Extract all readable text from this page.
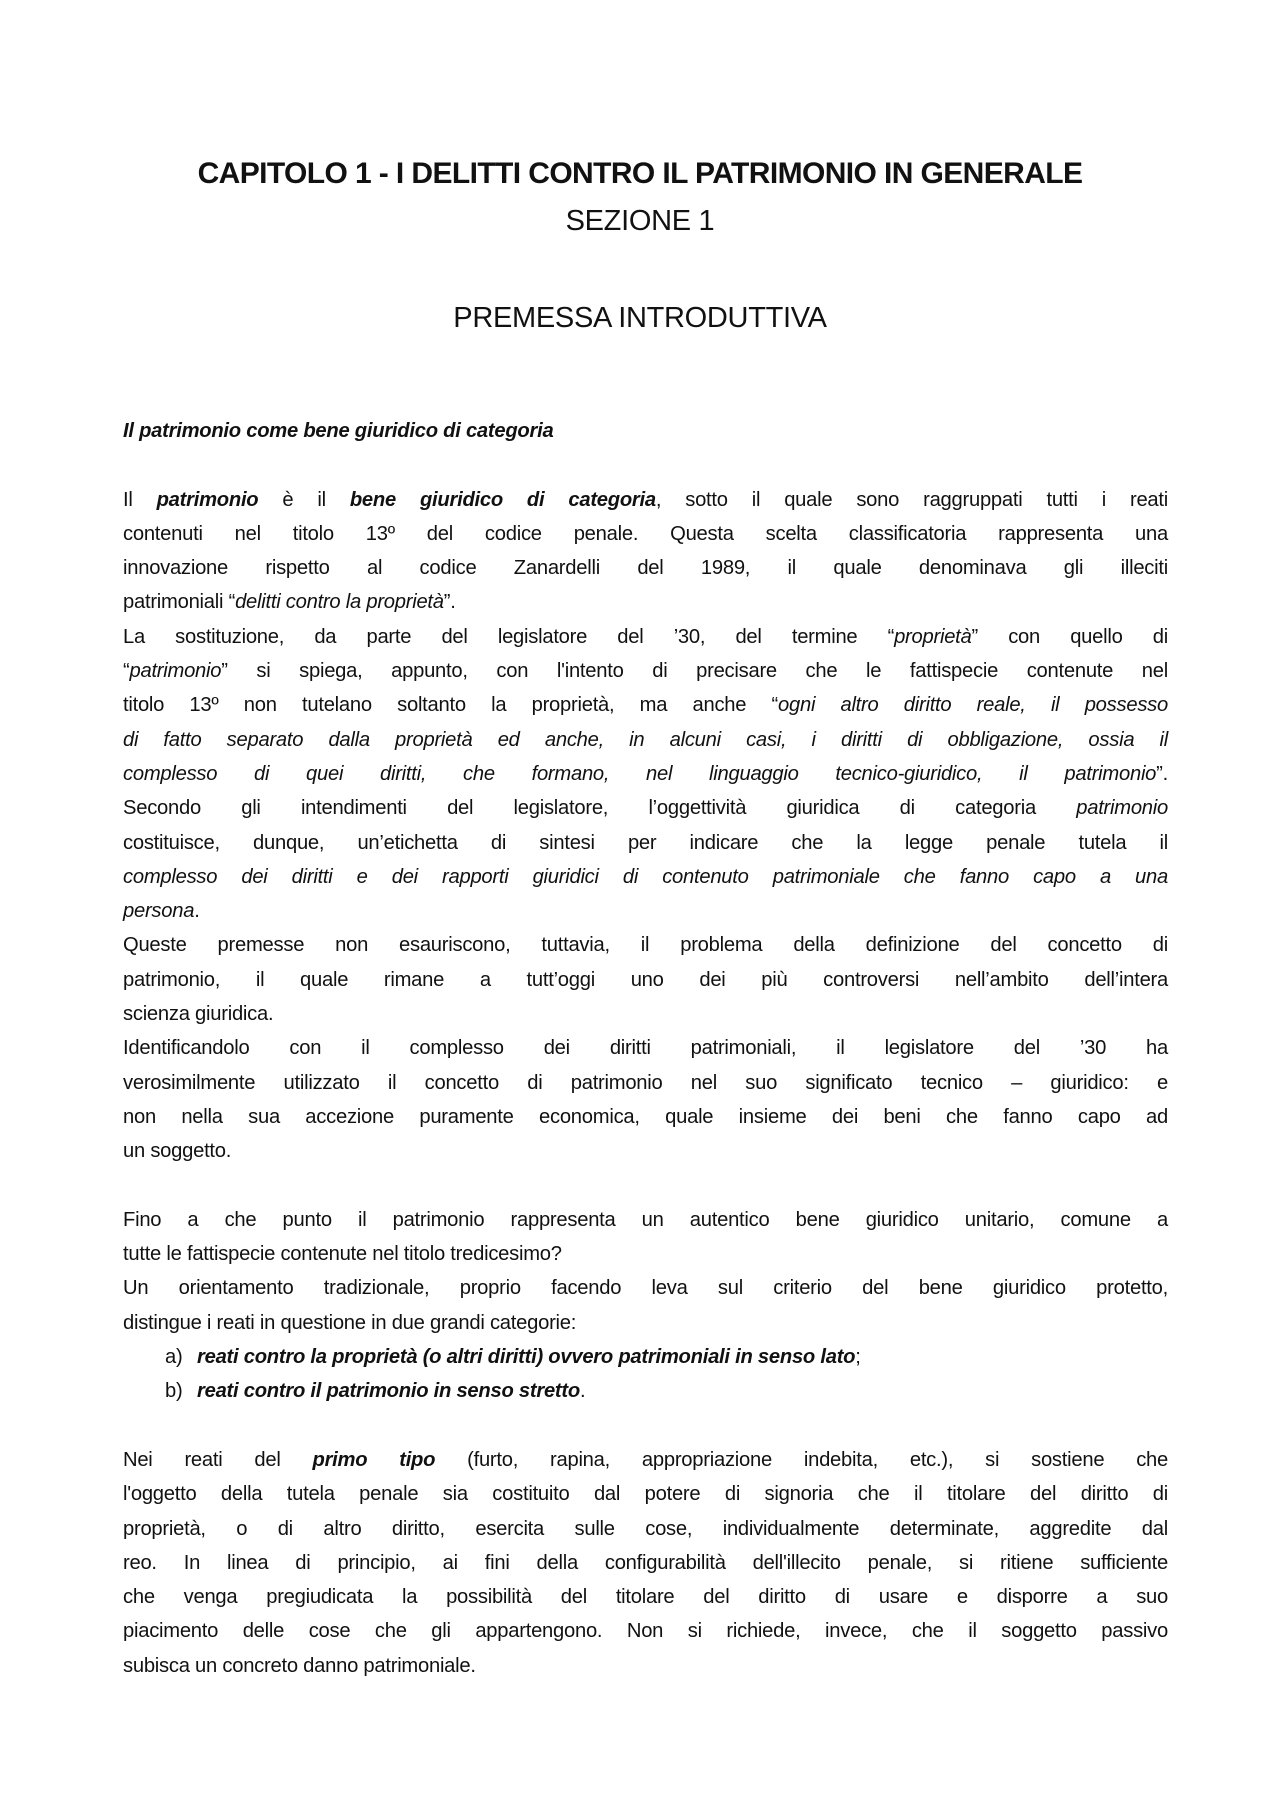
CAPITOLO 1 - I DELITTI CONTRO IL PATRIMONIO IN GENERALE
SEZIONE 1
PREMESSA INTRODUTTIVA
Il patrimonio come bene giuridico di categoria
Il patrimonio è il bene giuridico di categoria, sotto il quale sono raggruppati tutti i reati
contenuti nel titolo 13º del codice penale. Questa scelta classificatoria rappresenta una
innovazione rispetto al codice Zanardelli del 1989, il quale denominava gli illeciti
patrimoniali “delitti contro la proprietà”.
La sostituzione, da parte del legislatore del ’30, del termine “proprietà” con quello di
“patrimonio” si spiega, appunto, con l'intento di precisare che le fattispecie contenute nel
titolo 13º non tutelano soltanto la proprietà, ma anche “ogni altro diritto reale, il possesso
di fatto separato dalla proprietà ed anche, in alcuni casi, i diritti di obbligazione, ossia il
complesso di quei diritti, che formano, nel linguaggio tecnico-giuridico, il patrimonio”.
Secondo gli intendimenti del legislatore, l’oggettività giuridica di categoria patrimonio
costituisce, dunque, un’etichetta di sintesi per indicare che la legge penale tutela il
complesso dei diritti e dei rapporti giuridici di contenuto patrimoniale che fanno capo a una
persona.
Queste premesse non esauriscono, tuttavia, il problema della definizione del concetto di
patrimonio, il quale rimane a tutt’oggi uno dei più controversi nell’ambito dell’intera
scienza giuridica.
Identificandolo con il complesso dei diritti patrimoniali, il legislatore del ’30 ha
verosimilmente utilizzato il concetto di patrimonio nel suo significato tecnico – giuridico: e
non nella sua accezione puramente economica, quale insieme dei beni che fanno capo ad
un soggetto.
Fino a che punto il patrimonio rappresenta un autentico bene giuridico unitario, comune a
tutte le fattispecie contenute nel titolo tredicesimo?
Un orientamento tradizionale, proprio facendo leva sul criterio del bene giuridico protetto,
distingue i reati in questione in due grandi categorie:
a) reati contro la proprietà (o altri diritti) ovvero patrimoniali in senso lato;
b) reati contro il patrimonio in senso stretto.
Nei reati del primo tipo (furto, rapina, appropriazione indebita, etc.), si sostiene che
l'oggetto della tutela penale sia costituito dal potere di signoria che il titolare del diritto di
proprietà, o di altro diritto, esercita sulle cose, individualmente determinate, aggredite dal
reo. In linea di principio, ai fini della configurabilità dell'illecito penale, si ritiene sufficiente
che venga pregiudicata la possibilità del titolare del diritto di usare e disporre a suo
piacimento delle cose che gli appartengono. Non si richiede, invece, che il soggetto passivo
subisca un concreto danno patrimoniale.
